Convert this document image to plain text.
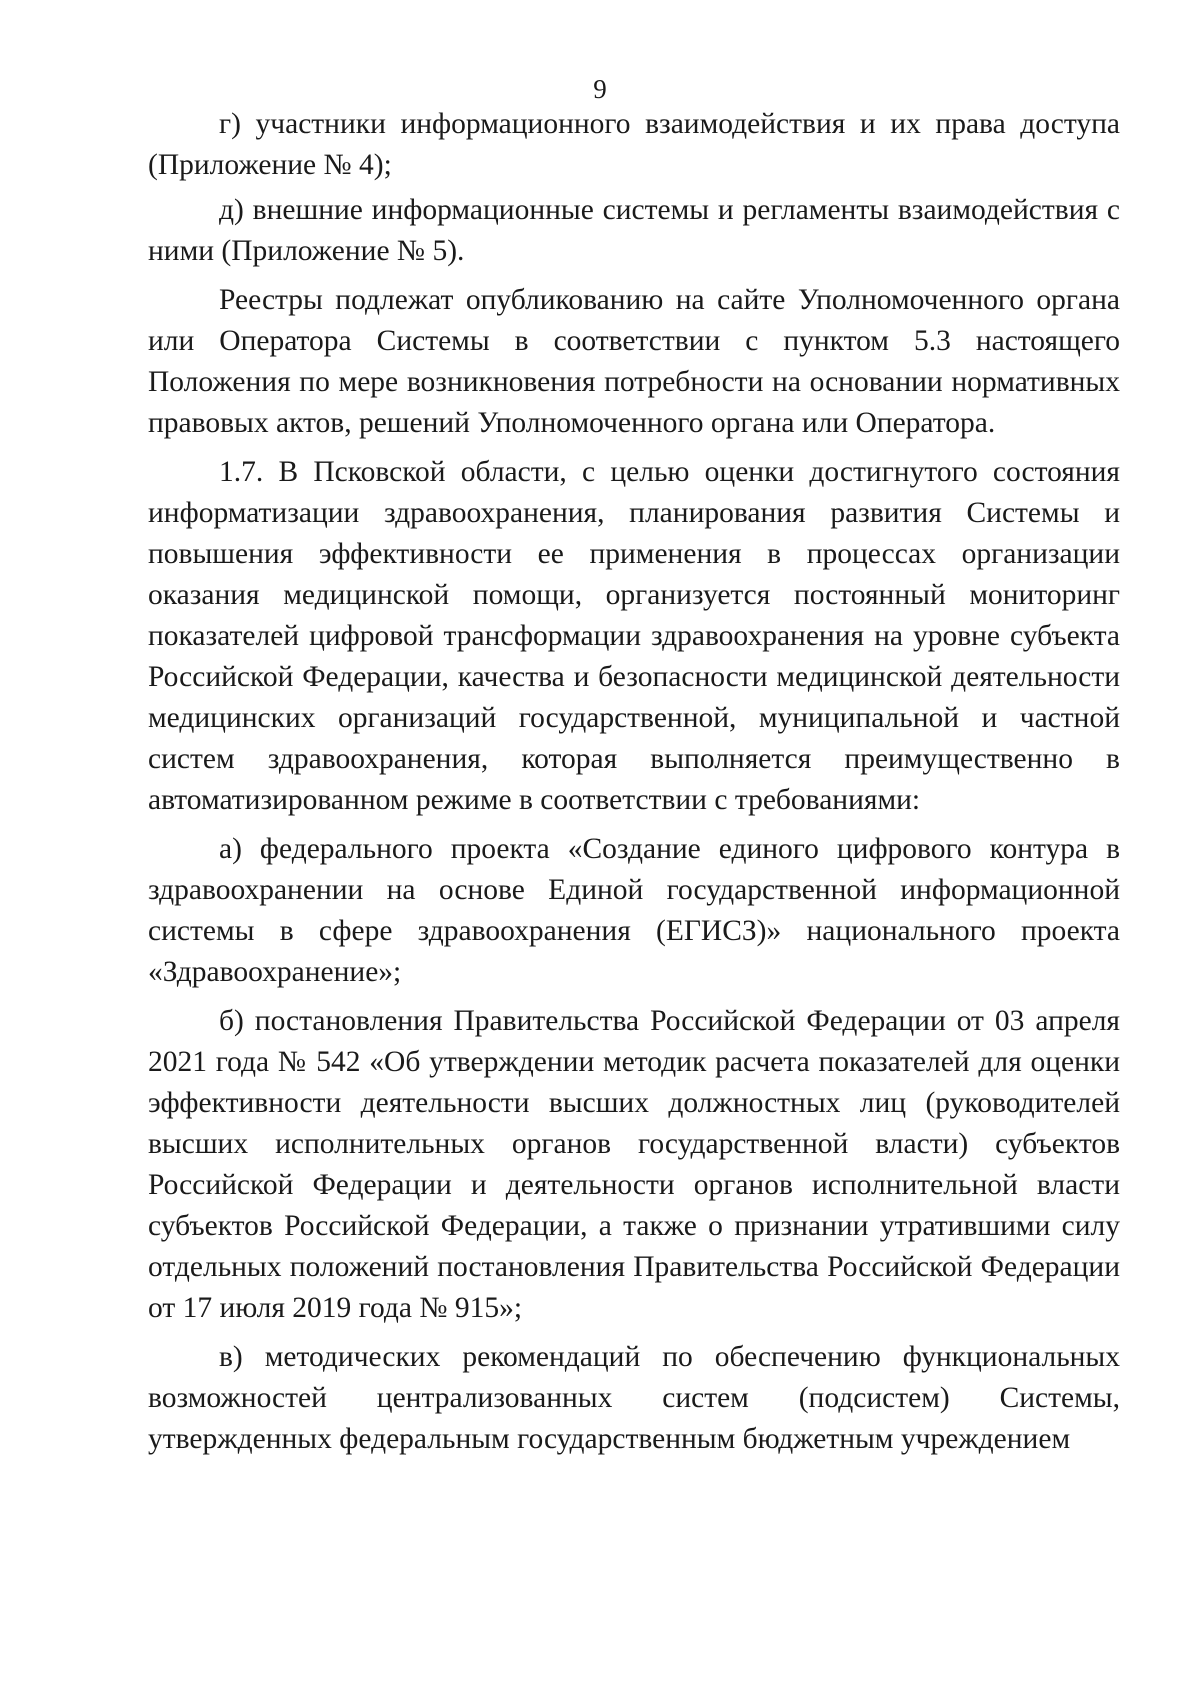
9

г) участники информационного взаимодействия и их права доступа (Приложение № 4);

д) внешние информационные системы и регламенты взаимодействия с ними (Приложение № 5).

Реестры подлежат опубликованию на сайте Уполномоченного органа или Оператора Системы в соответствии с пунктом 5.3 настоящего Положения по мере возникновения потребности на основании нормативных правовых актов, решений Уполномоченного органа или Оператора.

1.7. В Псковской области, с целью оценки достигнутого состояния информатизации здравоохранения, планирования развития Системы и повышения эффективности ее применения в процессах организации оказания медицинской помощи, организуется постоянный мониторинг показателей цифровой трансформации здравоохранения на уровне субъекта Российской Федерации, качества и безопасности медицинской деятельности медицинских организаций государственной, муниципальной и частной систем здравоохранения, которая выполняется преимущественно в автоматизированном режиме в соответствии с требованиями:

а) федерального проекта «Создание единого цифрового контура в здравоохранении на основе Единой государственной информационной системы в сфере здравоохранения (ЕГИСЗ)» национального проекта «Здравоохранение»;

б) постановления Правительства Российской Федерации от 03 апреля 2021 года № 542 «Об утверждении методик расчета показателей для оценки эффективности деятельности высших должностных лиц (руководителей высших исполнительных органов государственной власти) субъектов Российской Федерации и деятельности органов исполнительной власти субъектов Российской Федерации, а также о признании утратившими силу отдельных положений постановления Правительства Российской Федерации от 17 июля 2019 года № 915»;

в) методических рекомендаций по обеспечению функциональных возможностей централизованных систем (подсистем) Системы, утвержденных федеральным государственным бюджетным учреждением
